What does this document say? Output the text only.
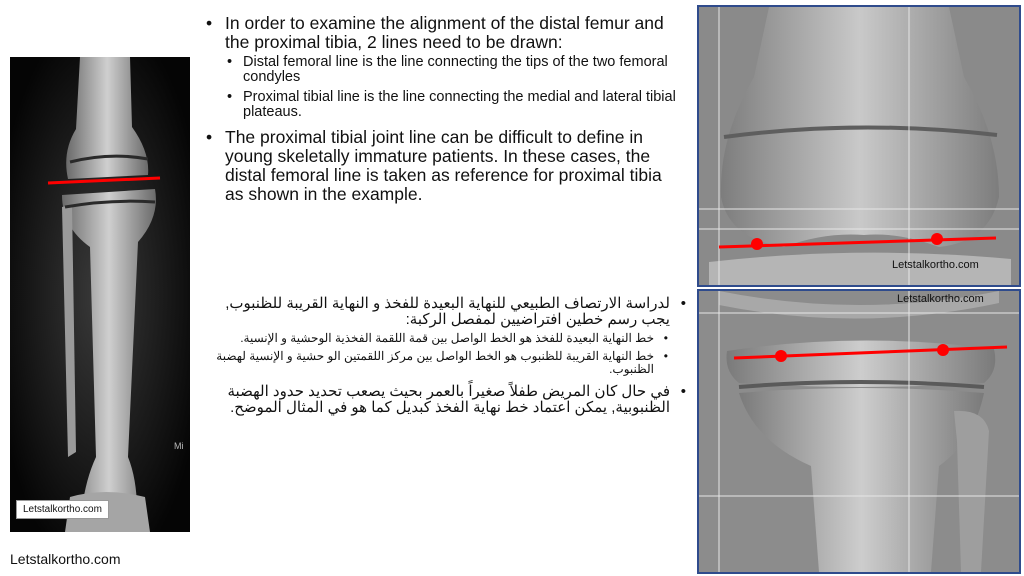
Mi
Letstalkortho.com
Letstalkortho.com
• In order to examine the alignment of the distal femur and the proximal tibia, 2 lines need to be drawn:
• Distal femoral line is the line connecting the tips of the two femoral condyles
• Proximal tibial line is the line connecting the medial and lateral tibial plateaus.
• The proximal tibial joint line can be difficult to define in young skeletally immature patients. In these cases, the distal femoral line is taken as reference for proximal tibia as shown in the example.
• لدراسة الارتصاف الطبيعي للنهاية البعيدة للفخذ و النهاية القريبة للظنبوب, يجب رسم خطين افتراضيين لمفصل الركبة:
• خط النهاية البعيدة للفخذ هو الخط الواصل بين قمة اللقمة الفخذية الوحشية و الإنسية.
• خط النهاية القريبة للظنبوب هو الخط الواصل بين مركز اللقمتين الو حشية و الإنسية لهضبة الظنبوب.
• في حال كان المريض طفلاً صغيراً بالعمر بحيث يصعب تحديد حدود الهضبة الظنبوبية, يمكن اعتماد خط نهاية الفخذ كبديل كما هو في المثال الموضح.
Letstalkortho.com
Letstalkortho.com
